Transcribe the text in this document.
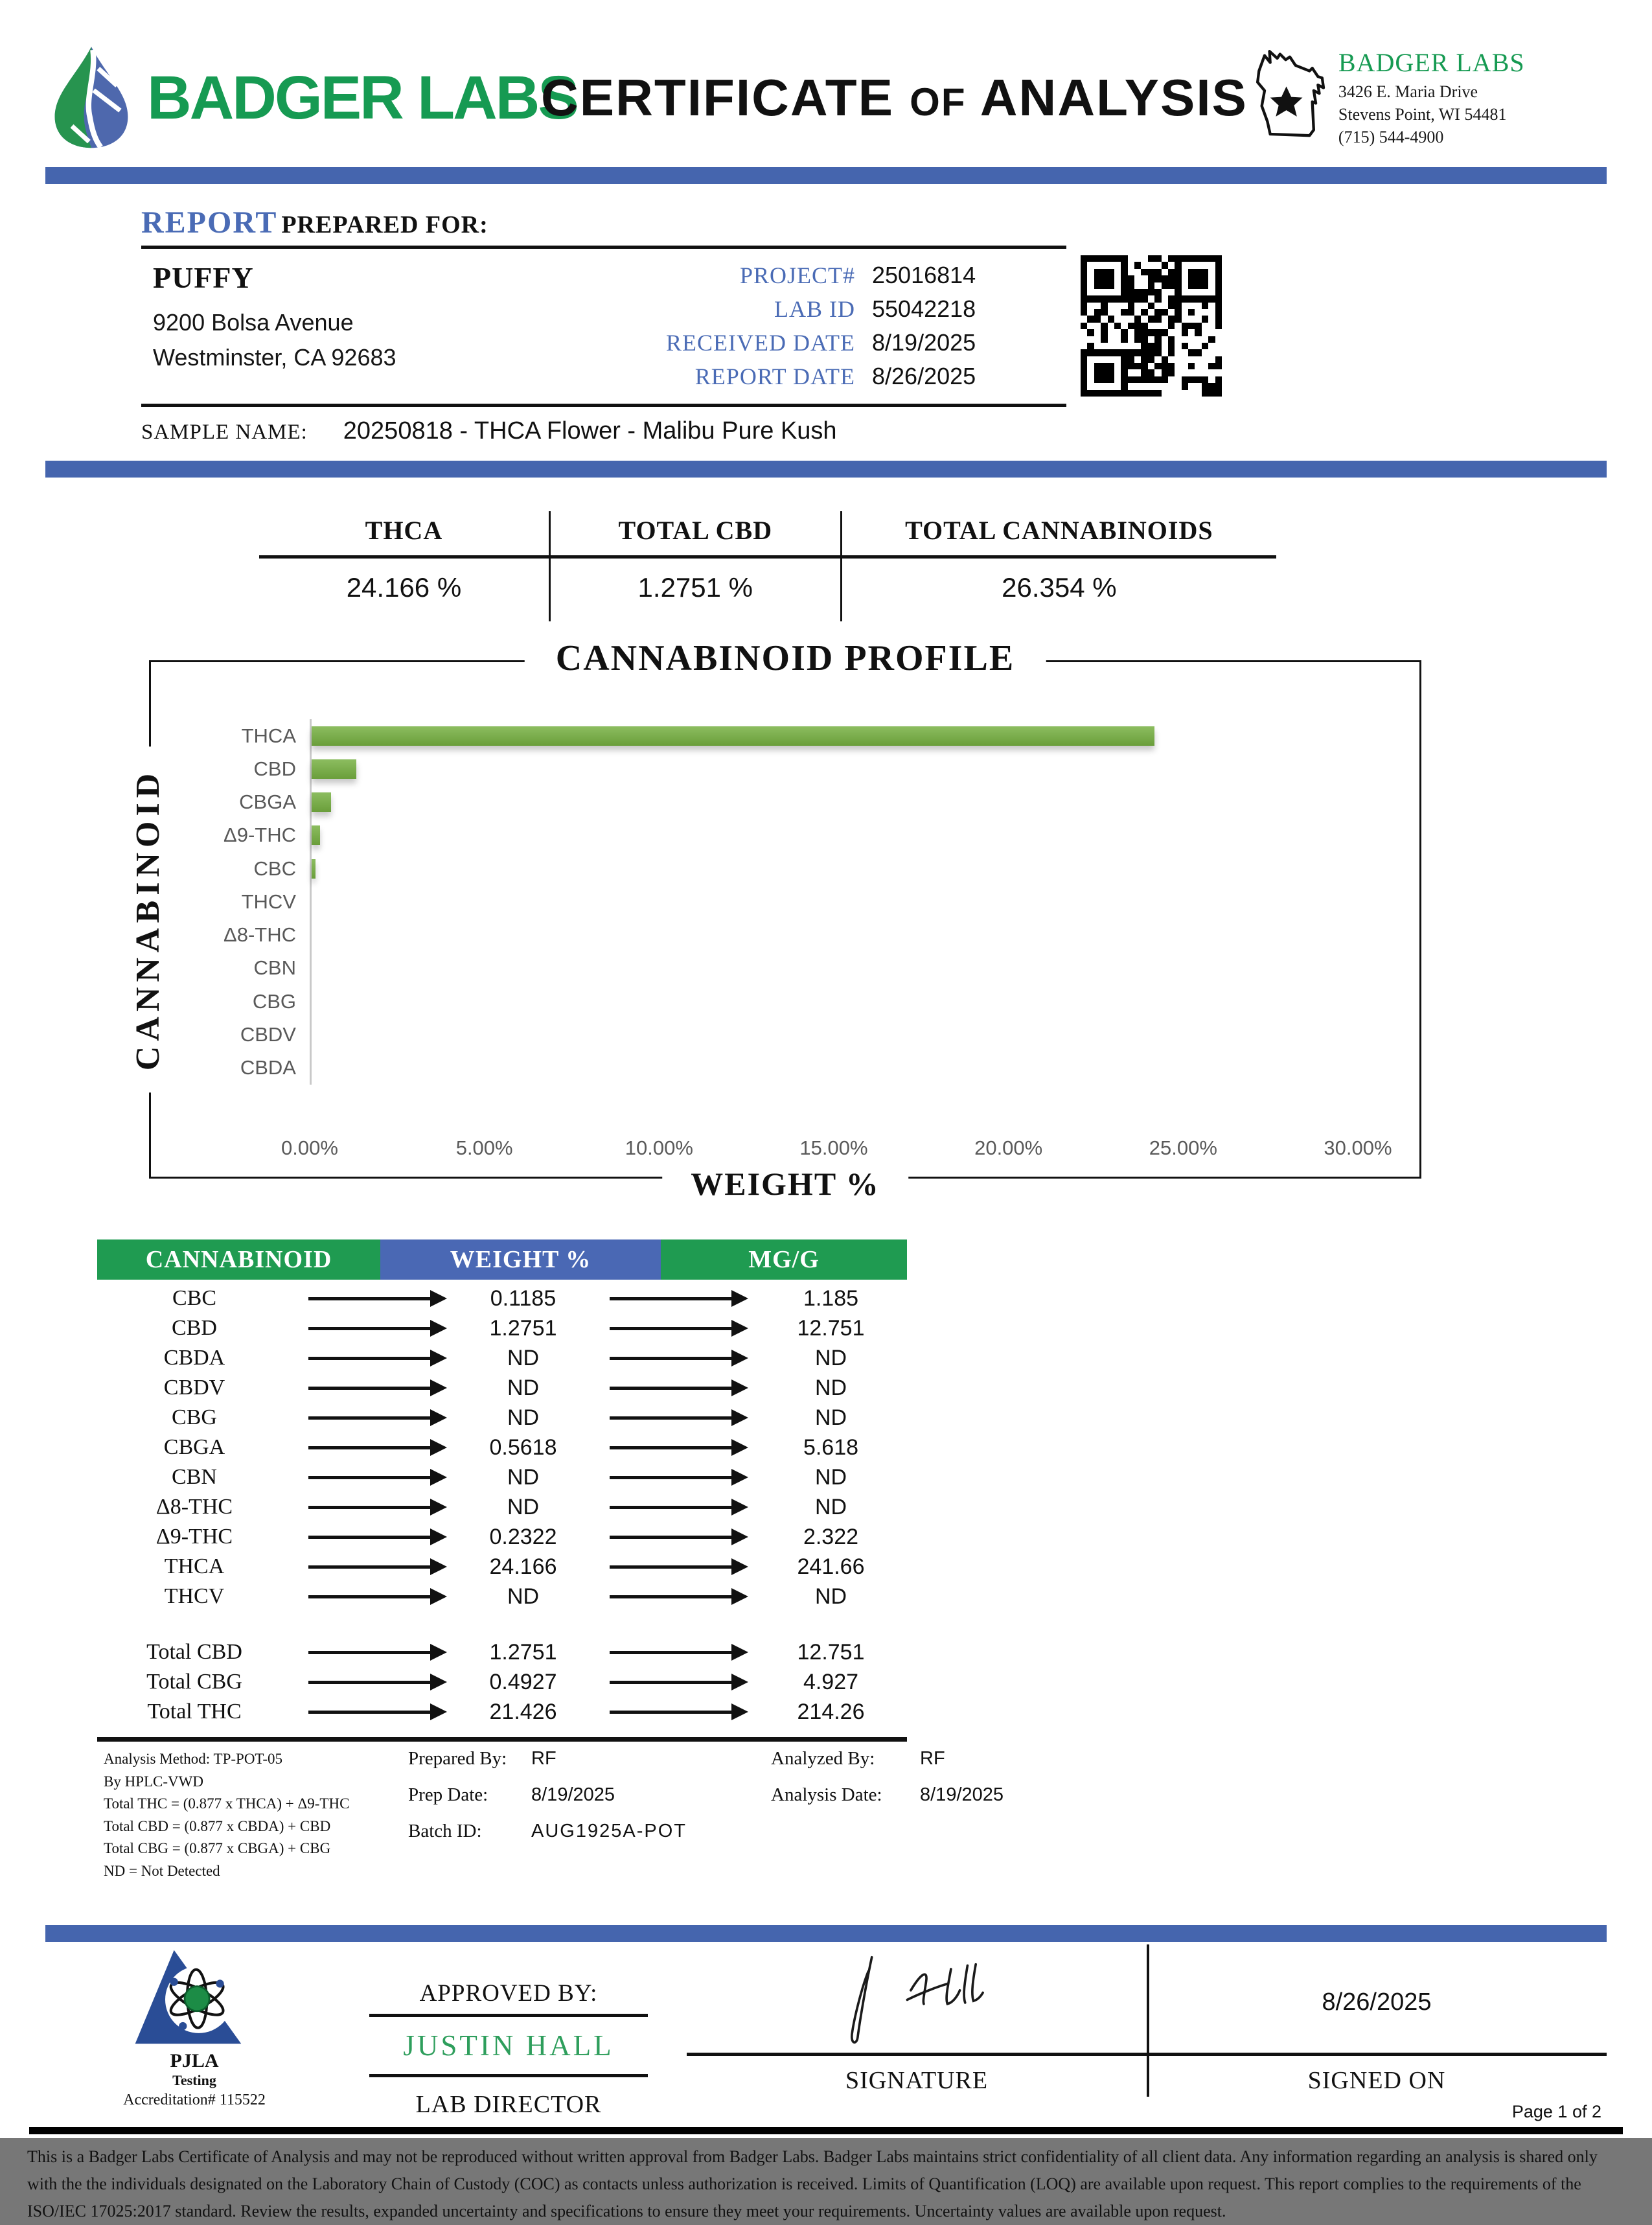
BADGER LABS
CERTIFICATE OF ANALYSIS
BADGER LABS
3426 E. Maria Drive
Stevens Point, WI 54481
(715) 544-4900
REPORT PREPARED FOR:
PUFFY
9200 Bolsa Avenue
Westminster, CA 92683
PROJECT# 25016814
LAB ID 55042218
RECEIVED DATE 8/19/2025
REPORT DATE 8/26/2025
SAMPLE NAME: 20250818 - THCA Flower - Malibu Pure Kush
THCA
24.166 %
TOTAL CBD
1.2751 %
TOTAL CANNABINOIDS
26.354 %
CANNABINOID PROFILE
CANNABINOID
WEIGHT %
THCA
CBD
CBGA
Δ9-THC
CBC
THCV
Δ8-THC
CBN
CBG
CBDV
CBDA
0.00%	5.00%	10.00%	15.00%	20.00%	25.00%	30.00%
CANNABINOID	WEIGHT %	MG/G
CBC	0.1185	1.185
CBD	1.2751	12.751
CBDA	ND	ND
CBDV	ND	ND
CBG	ND	ND
CBGA	0.5618	5.618
CBN	ND	ND
Δ8-THC	ND	ND
Δ9-THC	0.2322	2.322
THCA	24.166	241.66
THCV	ND	ND
Total CBD	1.2751	12.751
Total CBG	0.4927	4.927
Total THC	21.426	214.26
Analysis Method: TP-POT-05
By HPLC-VWD
Total THC = (0.877 x THCA) + Δ9-THC
Total CBD = (0.877 x CBDA) + CBD
Total CBG = (0.877 x CBGA) + CBG
ND = Not Detected
Prepared By:	RF
Prep Date:	8/19/2025
Batch ID:	AUG1925A-POT
Analyzed By:	RF
Analysis Date:	8/19/2025
PJLA
Testing
Accreditation# 115522
APPROVED BY:
JUSTIN HALL
LAB DIRECTOR
8/26/2025
SIGNATURE	SIGNED ON
Page 1 of 2

This is a Badger Labs Certificate of Analysis and may not be reproduced without written approval from Badger Labs. Badger Labs maintains strict confidentiality of all client data. Any information regarding an analysis is shared only with the the individuals designated on the Laboratory Chain of Custody (COC) as contacts unless authorization is received. Limits of Quantification (LOQ) are available upon request. This report complies to the requirements of the ISO/IEC 17025:2017 standard. Review the results, expanded uncertainty and specifications to ensure they meet your requirements. Uncertainty values are available upon request.
